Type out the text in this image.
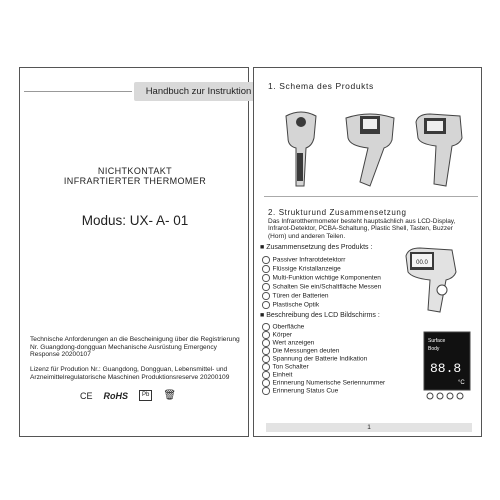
Handbuch zur Instruktion
NICHTKONTAKT
INFRARTIERTER THERMOMER
Modus: UX- A- 01
Technische Anforderungen an die Bescheinigung über die Registrierung Nr. Guangdong-dongguan Mechanische Ausrüstung Emergency Response 20200107
Lizenz für Prodution Nr.: Guangdong, Dongguan, Lebensmittel- und Arzneimittelregulatorische Maschinen Produktionsreserve 20200109
CE RoHS	Pb	🗑
1. Schema des Produkts
2. Strukturund Zusammensetzung
Das Infrarotthermometer besteht hauptsächlich aus LCD-Display, Infrarot-Detektor, PCBA-Schaltung, Plastic Shell, Tasten, Buzzer (Horn) und anderen Teilen.
■ Zusammensetzung des Produkts :
Passiver Infrarotdetektorr
Flüssige Kristallanzeige
Multi-Funktion wichtige Komponenten
Schalten Sie ein/Schaltfläche Messen
Türen der Batterien
Plastische Optik
00.0
■ Beschreibung des LCD Bildschirms :
Oberfläche
Körper
Wert anzeigen
Die Messungen deuten
Spannung der Batterie Indikation
Ton Schalter
Einheit
Erinnerung Numerische Seriennummer
Erinnerung Status Cue
Surface
Body
88.8
°C
1
